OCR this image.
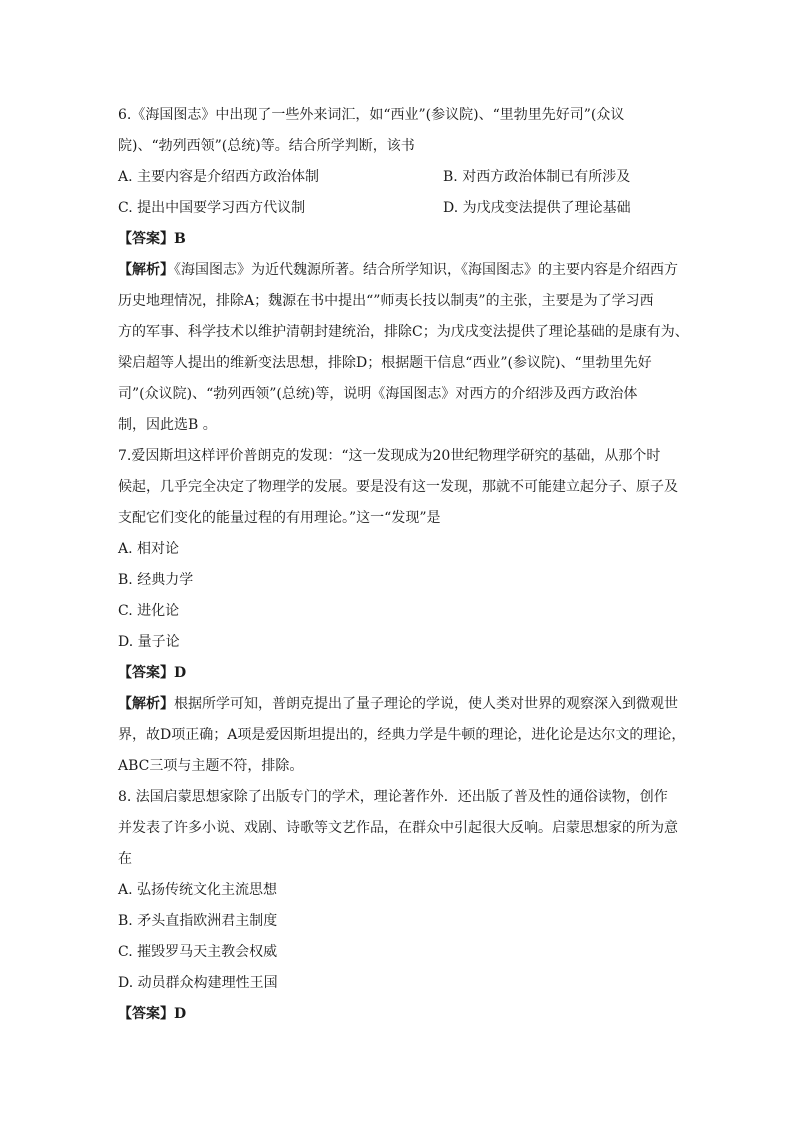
6.《海国图志》中出现了一些外来词汇，如“西业”(参议院)、“里勃里先好司”(众议
院)、“勃列西领”(总统)等。结合所学判断，该书
A. 主要内容是介绍西方政治体制	B. 对西方政治体制已有所涉及
C. 提出中国要学习西方代议制	D. 为戊戌变法提供了理论基础
【答案】B
【解析】《海国图志》为近代魏源所著。结合所学知识，《海国图志》的主要内容是介绍西方
历史地理情况，排除A；魏源在书中提出“”师夷长技以制夷”的主张，主要是为了学习西
方的军事、科学技术以维护清朝封建统治，排除C；为戊戌变法提供了理论基础的是康有为、
梁启超等人提出的维新变法思想，排除D；根据题干信息“西业”(参议院)、“里勃里先好
司”(众议院)、“勃列西领”(总统)等，说明《海国图志》对西方的介绍涉及西方政治体
制，因此选B 。
7.爱因斯坦这样评价普朗克的发现：“这一发现成为20世纪物理学研究的基础，从那个时
候起，几乎完全决定了物理学的发展。要是没有这一发现，那就不可能建立起分子、原子及
支配它们变化的能量过程的有用理论。”这一“发现”是
A. 相对论
B. 经典力学
C. 进化论
D. 量子论
【答案】D
【解析】根据所学可知，普朗克提出了量子理论的学说，使人类对世界的观察深入到微观世
界，故D项正确；A项是爱因斯坦提出的，经典力学是牛顿的理论，进化论是达尔文的理论，
ABC三项与主题不符，排除。
8. 法国启蒙思想家除了出版专门的学术，理论著作外．还出版了普及性的通俗读物，创作
并发表了许多小说、戏剧、诗歌等文艺作品，在群众中引起很大反响。启蒙思想家的所为意
在
A. 弘扬传统文化主流思想
B. 矛头直指欧洲君主制度
C. 摧毁罗马天主教会权威
D. 动员群众构建理性王国
【答案】D
